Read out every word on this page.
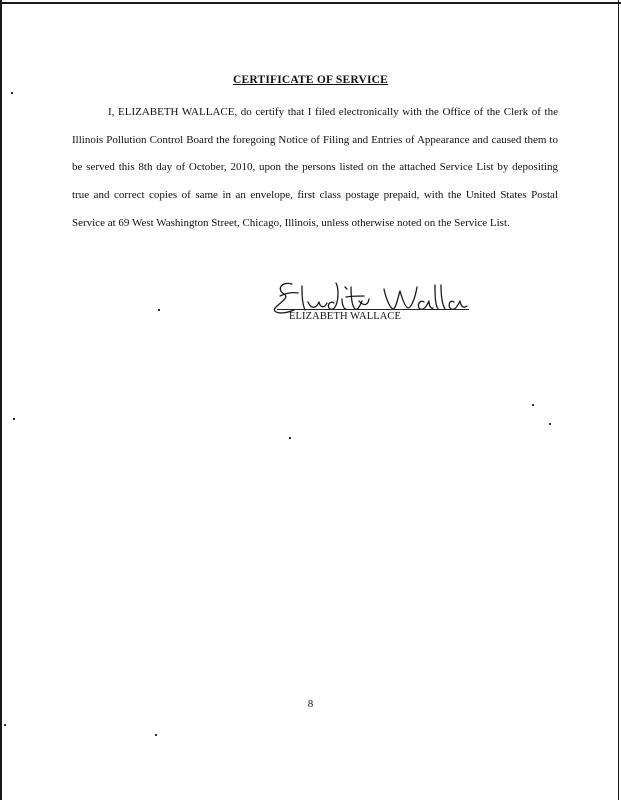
CERTIFICATE OF SERVICE

I, ELIZABETH WALLACE, do certify that I filed electronically with the Office of the Clerk of the Illinois Pollution Control Board the foregoing Notice of Filing and Entries of Appearance and caused them to be served this 8th day of October, 2010, upon the persons listed on the attached Service List by depositing true and correct copies of same in an envelope, first class postage prepaid, with the United States Postal Service at 69 West Washington Street, Chicago, Illinois, unless otherwise noted on the Service List.

ELIZABETH WALLACE
8
